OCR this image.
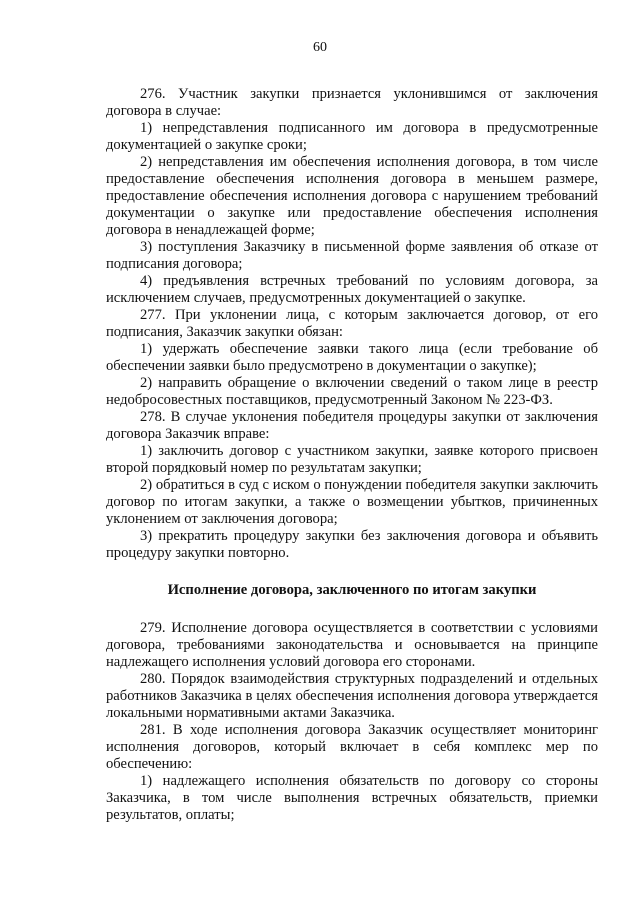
60

276. Участник закупки признается уклонившимся от заключения договора в случае:

1) непредставления подписанного им договора в предусмотренные документацией о закупке сроки;

2) непредставления им обеспечения исполнения договора, в том числе предоставление обеспечения исполнения договора в меньшем размере, предоставление обеспечения исполнения договора с нарушением требований документации о закупке или предоставление обеспечения исполнения договора в ненадлежащей форме;

3) поступления Заказчику в письменной форме заявления об отказе от подписания договора;

4) предъявления встречных требований по условиям договора, за исключением случаев, предусмотренных документацией о закупке.

277. При уклонении лица, с которым заключается договор, от его подписания, Заказчик закупки обязан:

1) удержать обеспечение заявки такого лица (если требование об обеспечении заявки было предусмотрено в документации о закупке);

2) направить обращение о включении сведений о таком лице в реестр недобросовестных поставщиков, предусмотренный Законом № 223-ФЗ.

278. В случае уклонения победителя процедуры закупки от заключения договора Заказчик вправе:

1) заключить договор с участником закупки, заявке которого присвоен второй порядковый номер по результатам закупки;

2) обратиться в суд с иском о понуждении победителя закупки заключить договор по итогам закупки, а также о возмещении убытков, причиненных уклонением от заключения договора;

3) прекратить процедуру закупки без заключения договора и объявить процедуру закупки повторно.

Исполнение договора, заключенного по итогам закупки

279. Исполнение договора осуществляется в соответствии с условиями договора, требованиями законодательства и основывается на принципе надлежащего исполнения условий договора его сторонами.

280. Порядок взаимодействия структурных подразделений и отдельных работников Заказчика в целях обеспечения исполнения договора утверждается локальными нормативными актами Заказчика.

281. В ходе исполнения договора Заказчик осуществляет мониторинг исполнения договоров, который включает в себя комплекс мер по обеспечению:

1) надлежащего исполнения обязательств по договору со стороны Заказчика, в том числе выполнения встречных обязательств, приемки результатов, оплаты;
